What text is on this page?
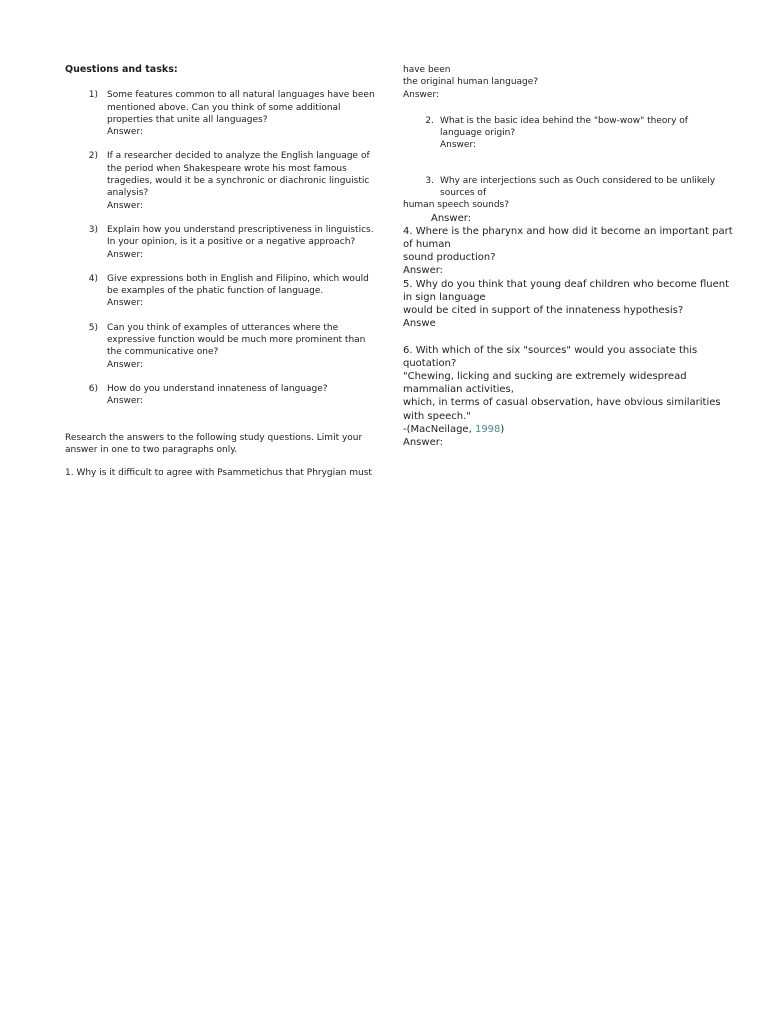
Questions and tasks:

1) Some features common to all natural languages have been mentioned above. Can you think of some additional properties that unite all languages?
Answer:
2) If a researcher decided to analyze the English language of the period when Shakespeare wrote his most famous tragedies, would it be a synchronic or diachronic linguistic analysis?
Answer:
3) Explain how you understand prescriptiveness in linguistics. In your opinion, is it a positive or a negative approach?
Answer:
4) Give expressions both in English and Filipino, which would be examples of the phatic function of language.
Answer:
5) Can you think of examples of utterances where the expressive function would be much more prominent than the communicative one?
Answer:
6) How do you understand innateness of language?
Answer:

Research the answers to the following study questions. Limit your answer in one to two paragraphs only.

1. Why is it difficult to agree with Psammetichus that Phrygian must

have been

the original human language?

Answer:

2. What is the basic idea behind the "bow-wow" theory of language origin?
Answer:
3. Why are interjections such as Ouch considered to be unlikely sources of

human speech sounds?

Answer:

4. Where is the pharynx and how did it become an important part of human

sound production?

Answer:

5. Why do you think that young deaf children who become fluent in sign language

would be cited in support of the innateness hypothesis?

Answe

6. With which of the six "sources" would you associate this quotation?

"Chewing, licking and sucking are extremely widespread mammalian activities,

which, in terms of casual observation, have obvious similarities with speech."

-(MacNeilage, 1998)

Answer:
